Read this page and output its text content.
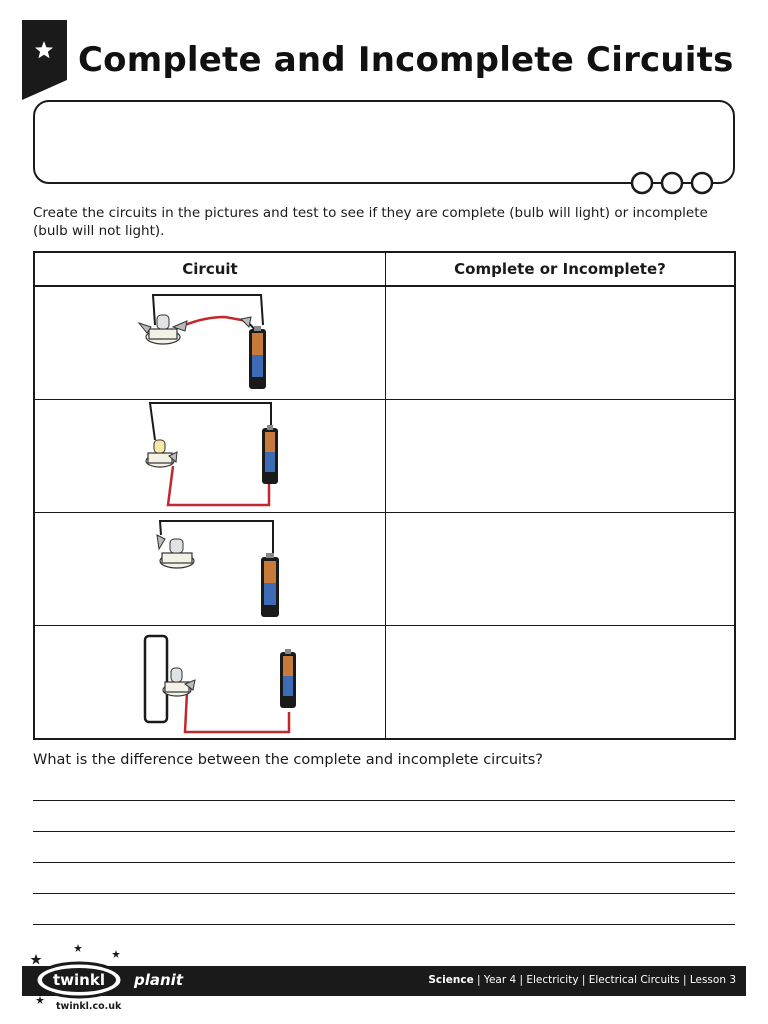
Complete and Incomplete Circuits
Create the circuits in the pictures and test to see if they are complete (bulb will light) or incomplete (bulb will not light).
Circuit	Complete or Incomplete?
What is the difference between the complete and incomplete circuits?
twinkl
twinkl.co.uk
planit	Science | Year 4 | Electricity | Electrical Circuits | Lesson 3
